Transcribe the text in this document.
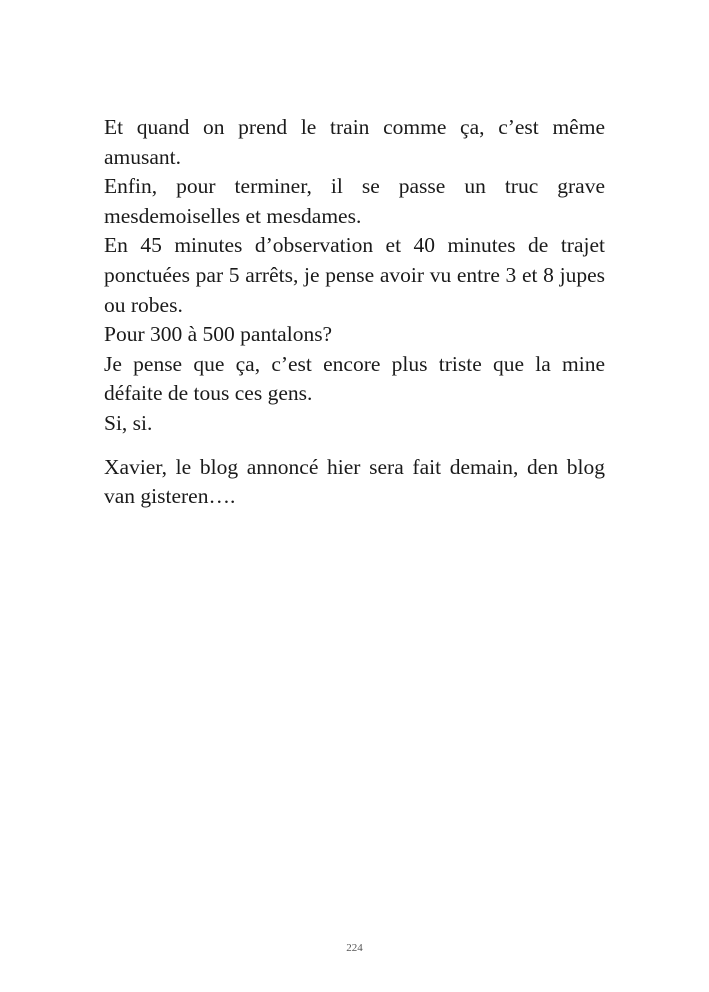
Et quand on prend le train comme ça, c’est même amusant.

Enfin, pour terminer, il se passe un truc grave mesdemoiselles et mesdames.

En 45 minutes d’observation et 40 minutes de trajet ponctuées par 5 arrêts, je pense avoir vu entre 3 et 8 jupes ou robes.

Pour 300 à 500 pantalons?

Je pense que ça, c’est encore plus triste que la mine défaite de tous ces gens.

Si, si.

Xavier, le blog annoncé hier sera fait demain, den blog van gisteren….

224
